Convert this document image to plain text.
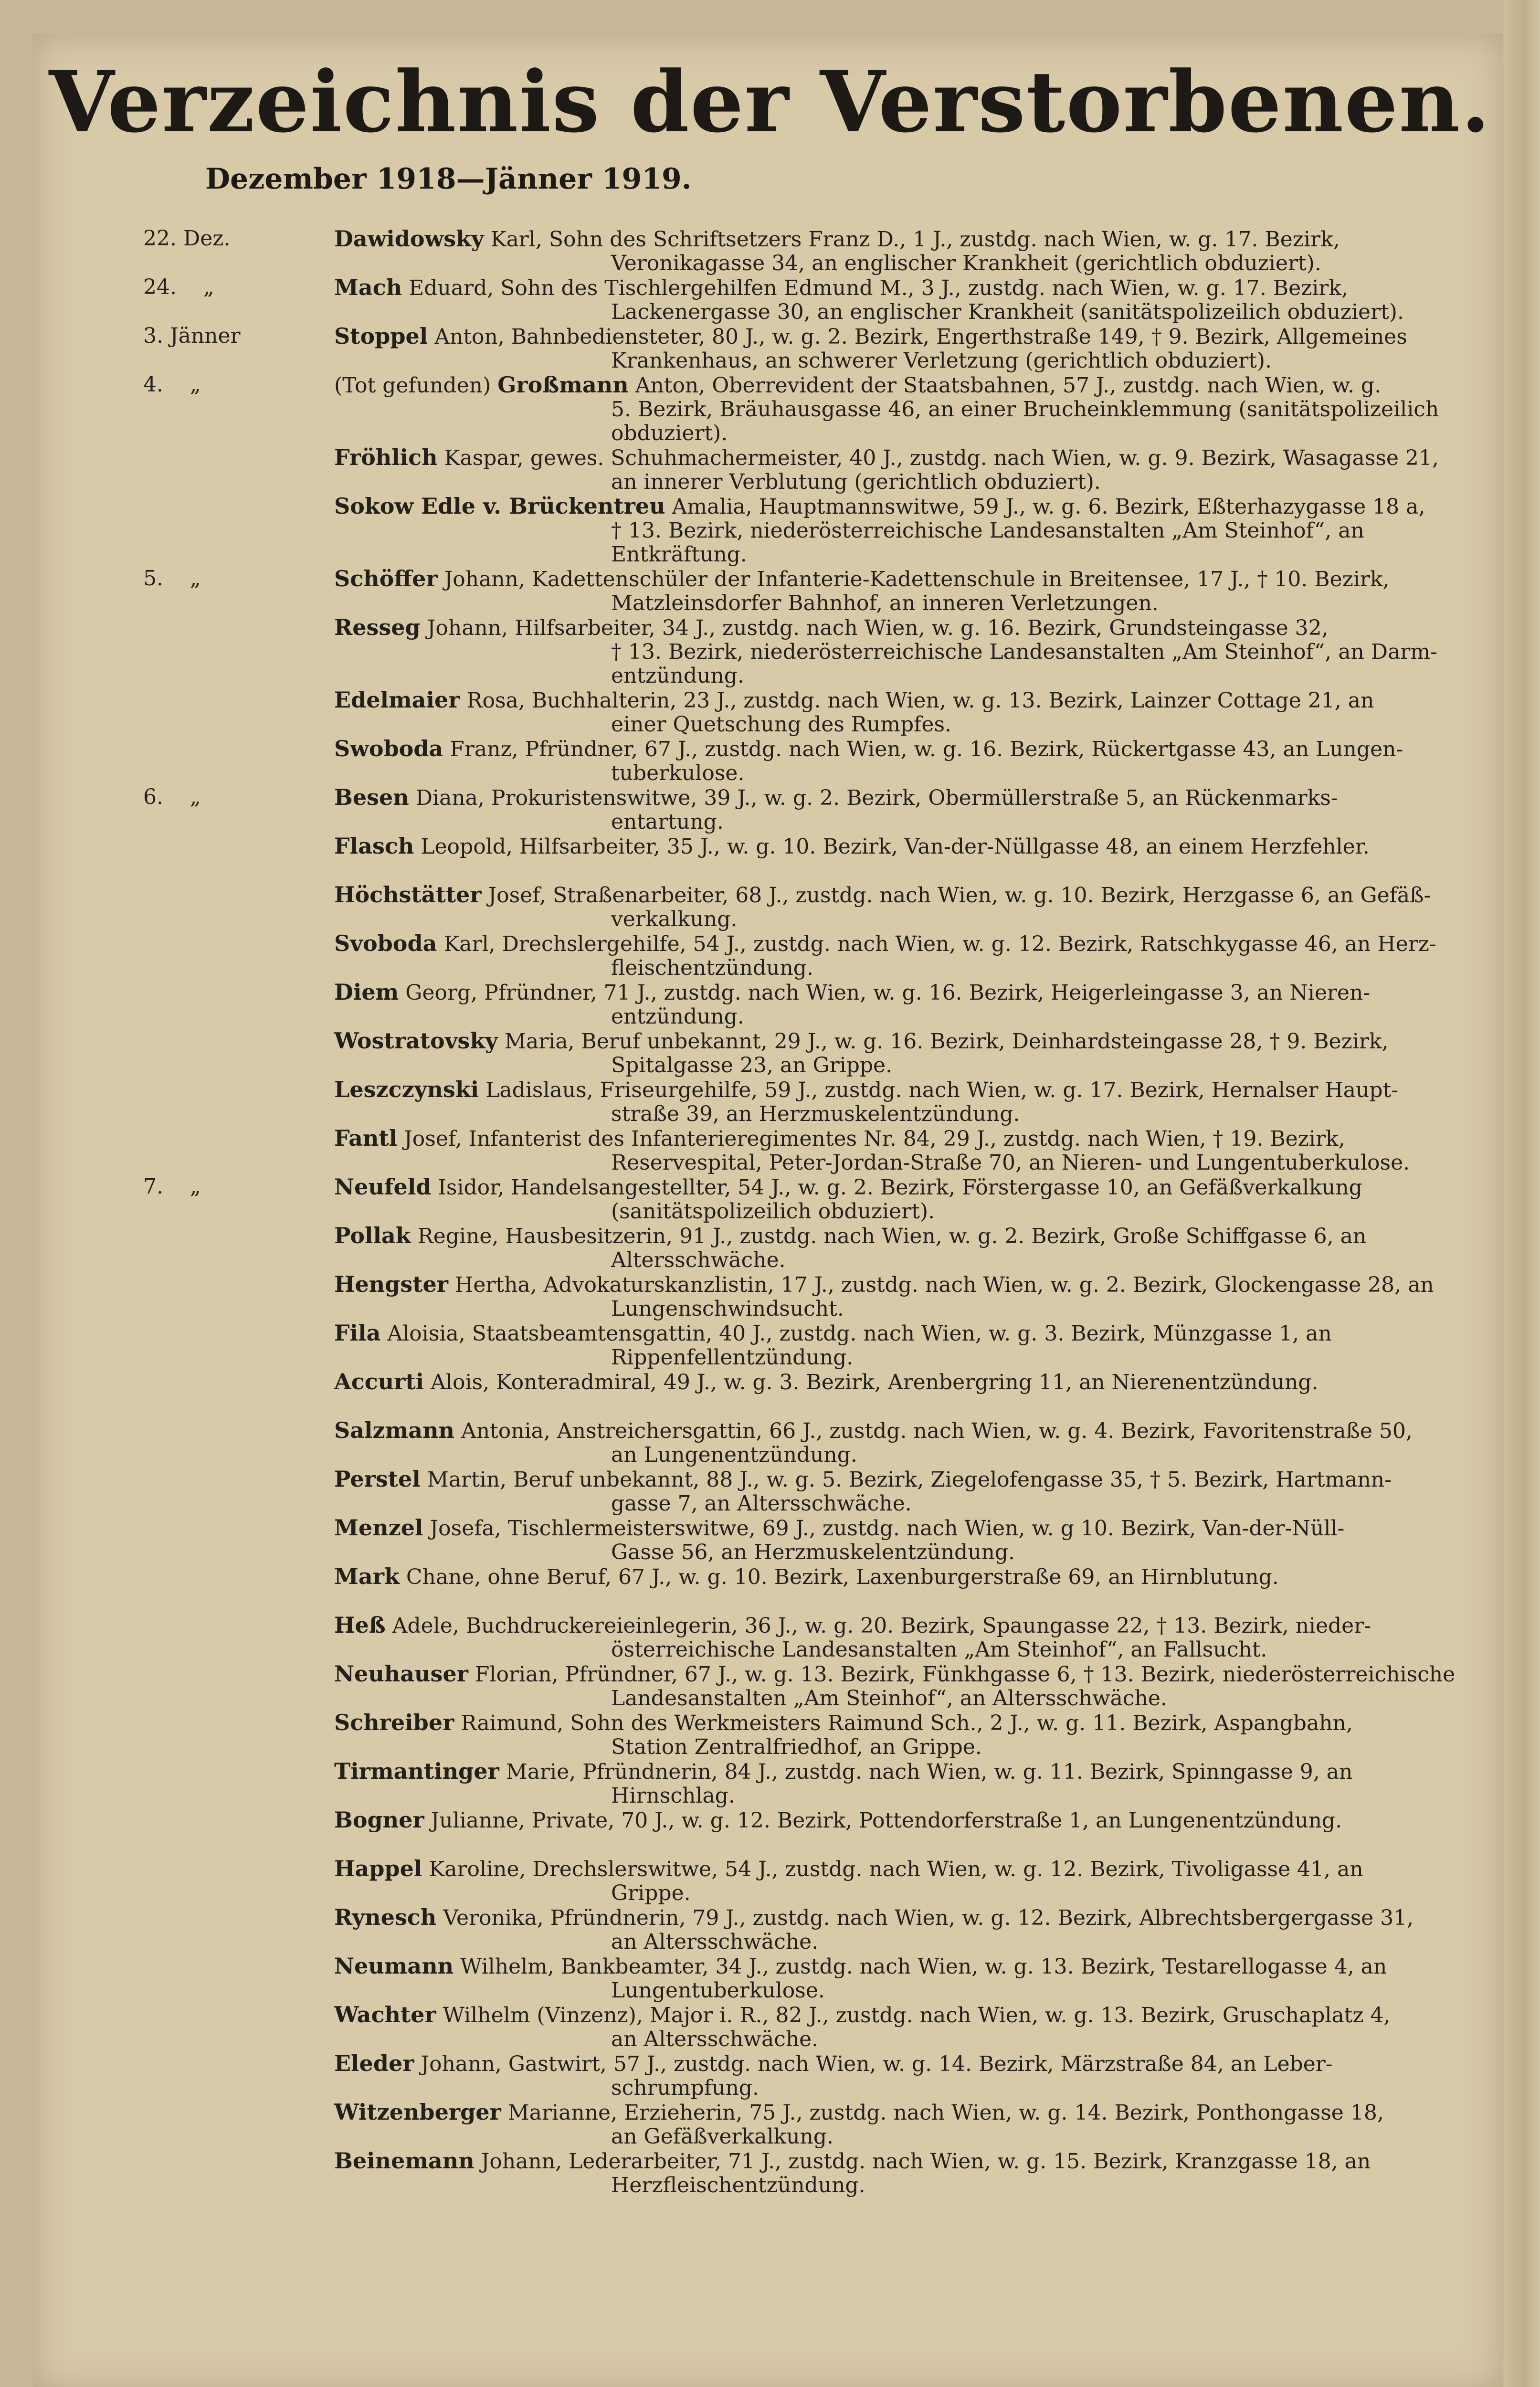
Verzeichnis der Verstorbenen.
Dezember 1918—Jänner 1919.
22. Dez.	Dawidowsky Karl, Sohn des Schriftsetzers Franz D., 1 J., zustdg. nach Wien, w. g. 17. Bezirk,
Veronikagasse 34, an englischer Krankheit (gerichtlich obduziert).
24.    „	Mach Eduard, Sohn des Tischlergehilfen Edmund M., 3 J., zustdg. nach Wien, w. g. 17. Bezirk,
Lackenergasse 30, an englischer Krankheit (sanitätspolizeilich obduziert).
3. Jänner	Stoppel Anton, Bahnbediensteter, 80 J., w. g. 2. Bezirk, Engerthstraße 149, † 9. Bezirk, Allgemeines
Krankenhaus, an schwerer Verletzung (gerichtlich obduziert).
4.    „	(Tot gefunden) Großmann Anton, Oberrevident der Staatsbahnen, 57 J., zustdg. nach Wien, w. g.
5. Bezirk, Bräuhausgasse 46, an einer Brucheinklemmung (sanitätspolizeilich
obduziert).
Fröhlich Kaspar, gewes. Schuhmachermeister, 40 J., zustdg. nach Wien, w. g. 9. Bezirk, Wasagasse 21,
an innerer Verblutung (gerichtlich obduziert).
Sokow Edle v. Brückentreu Amalia, Hauptmannswitwe, 59 J., w. g. 6. Bezirk, Eßterhazygasse 18 a,
† 13. Bezirk, niederösterreichische Landesanstalten „Am Steinhof“, an
Entkräftung.
5.    „	Schöffer Johann, Kadettenschüler der Infanterie-Kadettenschule in Breitensee, 17 J., † 10. Bezirk,
Matzleinsdorfer Bahnhof, an inneren Verletzungen.
Resseg Johann, Hilfsarbeiter, 34 J., zustdg. nach Wien, w. g. 16. Bezirk, Grundsteingasse 32,
† 13. Bezirk, niederösterreichische Landesanstalten „Am Steinhof“, an Darm-
entzündung.
Edelmaier Rosa, Buchhalterin, 23 J., zustdg. nach Wien, w. g. 13. Bezirk, Lainzer Cottage 21, an
einer Quetschung des Rumpfes.
Swoboda Franz, Pfründner, 67 J., zustdg. nach Wien, w. g. 16. Bezirk, Rückertgasse 43, an Lungen-
tuberkulose.
6.    „	Besen Diana, Prokuristenswitwe, 39 J., w. g. 2. Bezirk, Obermüllerstraße 5, an Rückenmarks-
entartung.
Flasch Leopold, Hilfsarbeiter, 35 J., w. g. 10. Bezirk, Van-der-Nüllgasse 48, an einem Herzfehler.
Höchstätter Josef, Straßenarbeiter, 68 J., zustdg. nach Wien, w. g. 10. Bezirk, Herzgasse 6, an Gefäß-
verkalkung.
Svoboda Karl, Drechslergehilfe, 54 J., zustdg. nach Wien, w. g. 12. Bezirk, Ratschkygasse 46, an Herz-
fleischentzündung.
Diem Georg, Pfründner, 71 J., zustdg. nach Wien, w. g. 16. Bezirk, Heigerleingasse 3, an Nieren-
entzündung.
Wostratovsky Maria, Beruf unbekannt, 29 J., w. g. 16. Bezirk, Deinhardsteingasse 28, † 9. Bezirk,
Spitalgasse 23, an Grippe.
Leszczynski Ladislaus, Friseurgehilfe, 59 J., zustdg. nach Wien, w. g. 17. Bezirk, Hernalser Haupt-
straße 39, an Herzmuskelentzündung.
Fantl Josef, Infanterist des Infanterieregimentes Nr. 84, 29 J., zustdg. nach Wien, † 19. Bezirk,
Reservespital, Peter-Jordan-Straße 70, an Nieren- und Lungentuberkulose.
7.    „	Neufeld Isidor, Handelsangestellter, 54 J., w. g. 2. Bezirk, Förstergasse 10, an Gefäßverkalkung
(sanitätspolizeilich obduziert).
Pollak Regine, Hausbesitzerin, 91 J., zustdg. nach Wien, w. g. 2. Bezirk, Große Schiffgasse 6, an
Altersschwäche.
Hengster Hertha, Advokaturskanzlistin, 17 J., zustdg. nach Wien, w. g. 2. Bezirk, Glockengasse 28, an
Lungenschwindsucht.
Fila Aloisia, Staatsbeamtensgattin, 40 J., zustdg. nach Wien, w. g. 3. Bezirk, Münzgasse 1, an
Rippenfellentzündung.
Accurti Alois, Konteradmiral, 49 J., w. g. 3. Bezirk, Arenbergring 11, an Nierenentzündung.
Salzmann Antonia, Anstreichersgattin, 66 J., zustdg. nach Wien, w. g. 4. Bezirk, Favoritenstraße 50,
an Lungenentzündung.
Perstel Martin, Beruf unbekannt, 88 J., w. g. 5. Bezirk, Ziegelofengasse 35, † 5. Bezirk, Hartmann-
gasse 7, an Altersschwäche.
Menzel Josefa, Tischlermeisterswitwe, 69 J., zustdg. nach Wien, w. g 10. Bezirk, Van-der-Nüll-
Gasse 56, an Herzmuskelentzündung.
Mark Chane, ohne Beruf, 67 J., w. g. 10. Bezirk, Laxenburgerstraße 69, an Hirnblutung.
Heß Adele, Buchdruckereieinlegerin, 36 J., w. g. 20. Bezirk, Spaungasse 22, † 13. Bezirk, nieder-
österreichische Landesanstalten „Am Steinhof“, an Fallsucht.
Neuhauser Florian, Pfründner, 67 J., w. g. 13. Bezirk, Fünkhgasse 6, † 13. Bezirk, niederösterreichische
Landesanstalten „Am Steinhof“, an Altersschwäche.
Schreiber Raimund, Sohn des Werkmeisters Raimund Sch., 2 J., w. g. 11. Bezirk, Aspangbahn,
Station Zentralfriedhof, an Grippe.
Tirmantinger Marie, Pfründnerin, 84 J., zustdg. nach Wien, w. g. 11. Bezirk, Spinngasse 9, an
Hirnschlag.
Bogner Julianne, Private, 70 J., w. g. 12. Bezirk, Pottendorferstraße 1, an Lungenentzündung.
Happel Karoline, Drechslerswitwe, 54 J., zustdg. nach Wien, w. g. 12. Bezirk, Tivoligasse 41, an
Grippe.
Rynesch Veronika, Pfründnerin, 79 J., zustdg. nach Wien, w. g. 12. Bezirk, Albrechtsbergergasse 31,
an Altersschwäche.
Neumann Wilhelm, Bankbeamter, 34 J., zustdg. nach Wien, w. g. 13. Bezirk, Testarellogasse 4, an
Lungentuberkulose.
Wachter Wilhelm (Vinzenz), Major i. R., 82 J., zustdg. nach Wien, w. g. 13. Bezirk, Gruschaplatz 4,
an Altersschwäche.
Eleder Johann, Gastwirt, 57 J., zustdg. nach Wien, w. g. 14. Bezirk, Märzstraße 84, an Leber-
schrumpfung.
Witzenberger Marianne, Erzieherin, 75 J., zustdg. nach Wien, w. g. 14. Bezirk, Ponthongasse 18,
an Gefäßverkalkung.
Beinemann Johann, Lederarbeiter, 71 J., zustdg. nach Wien, w. g. 15. Bezirk, Kranzgasse 18, an
Herzfleischentzündung.
